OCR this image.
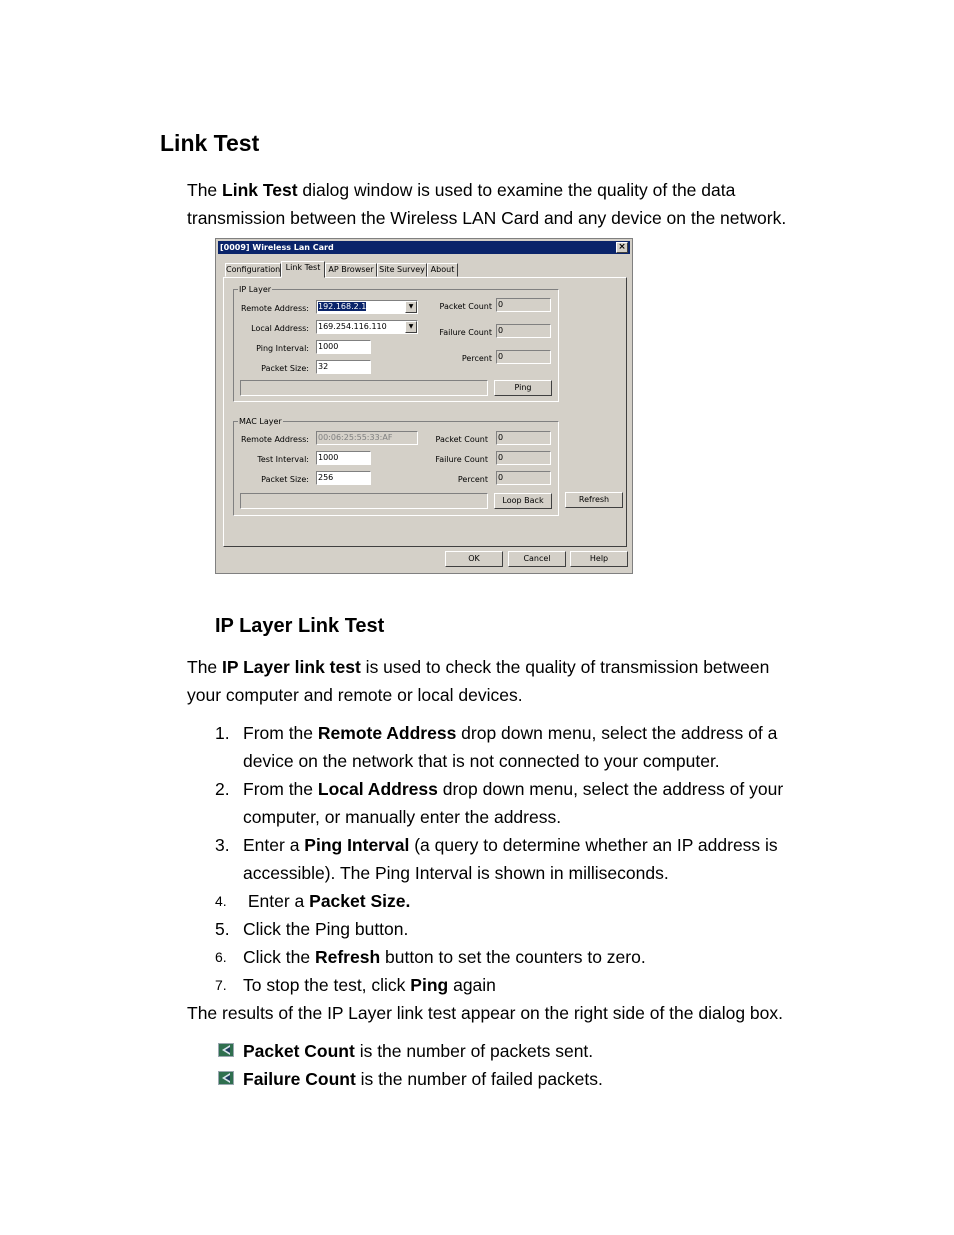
Link Test
The Link Test dialog window is used to examine the quality of the data
transmission between the Wireless LAN Card and any device on the network.
[0009] Wireless Lan Card	×
Configuration Link Test	AP Browser Site Survey About
IP Layer
Remote Address: 192.168.2.1	▼
Local Address: 169.254.116.110	▼
Ping Interval: 1000
Packet Size: 32
Packet Count 0
Failure Count 0
Percent 0
Ping
MAC Layer
Remote Address: 00:06:25:55:33:AF
Test Interval: 1000
Packet Size: 256
Packet Count 0
Failure Count 0
Percent 0
Loop Back	Refresh
OK	Cancel	Help
IP Layer Link Test
The IP Layer link test is used to check the quality of transmission between
your computer and remote or local devices.
1. From the Remote Address drop down menu, select the address of a
device on the network that is not connected to your computer.
2. From the Local Address drop down menu, select the address of your
computer, or manually enter the address.
3. Enter a Ping Interval (a query to determine whether an IP address is
accessible). The Ping Interval is shown in milliseconds.
4. Enter a Packet Size.
5. Click the Ping button.
6. Click the Refresh button to set the counters to zero.
7. To stop the test, click Ping again
The results of the IP Layer link test appear on the right side of the dialog box.
Packet Count is the number of packets sent.
Failure Count is the number of failed packets.
